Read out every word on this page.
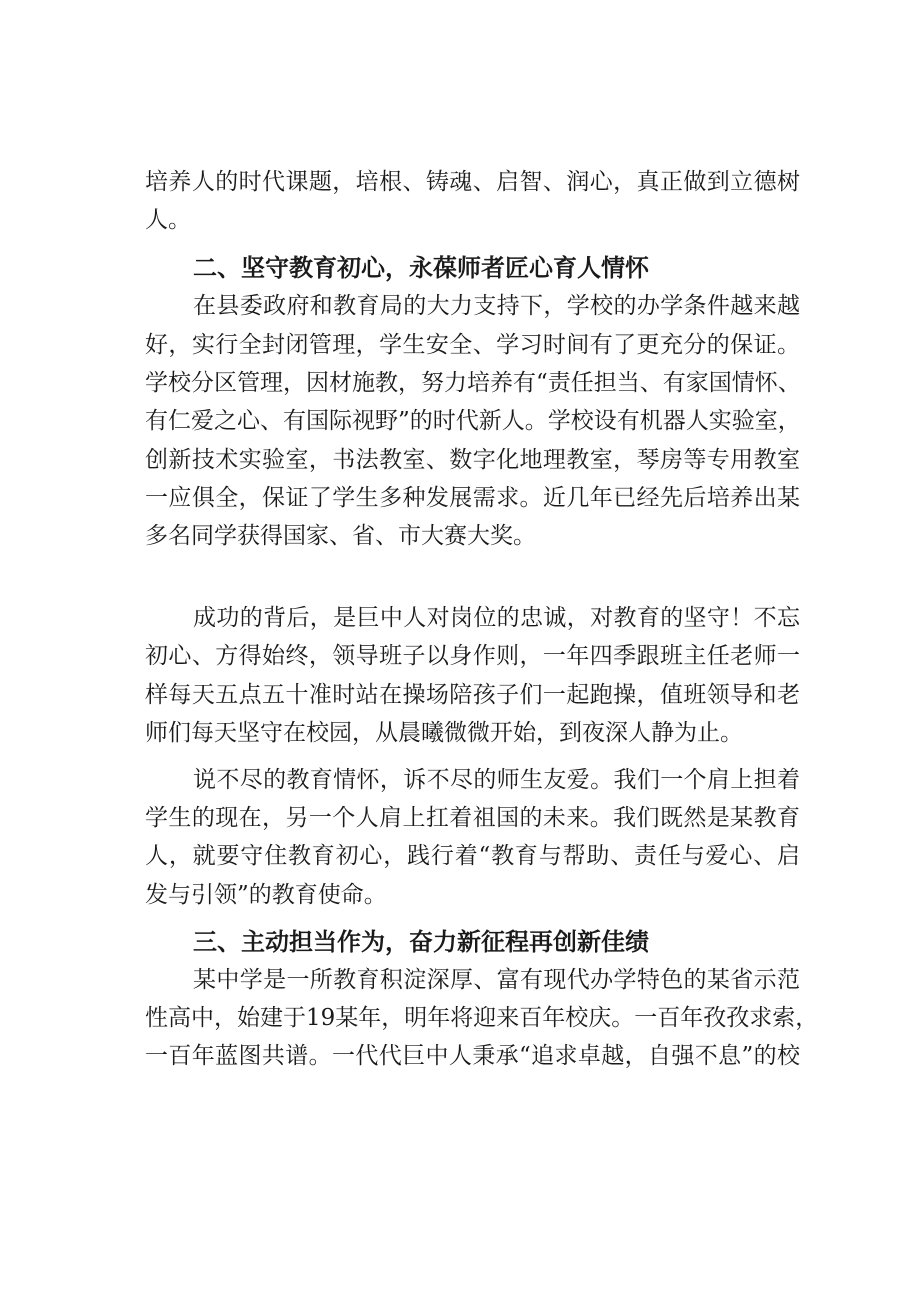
培养人的时代课题，培根、铸魂、启智、润心，真正做到立德树
人。
二、坚守教育初心，永葆师者匠心育人情怀
在县委政府和教育局的大力支持下，学校的办学条件越来越
好，实行全封闭管理，学生安全、学习时间有了更充分的保证。
学校分区管理，因材施教，努力培养有“责任担当、有家国情怀、
有仁爱之心、有国际视野”的时代新人。学校设有机器人实验室，
创新技术实验室，书法教室、数字化地理教室，琴房等专用教室
一应俱全，保证了学生多种发展需求。近几年已经先后培养出某
多名同学获得国家、省、市大赛大奖。
成功的背后，是巨中人对岗位的忠诚，对教育的坚守！不忘
初心、方得始终，领导班子以身作则，一年四季跟班主任老师一
样每天五点五十准时站在操场陪孩子们一起跑操，值班领导和老
师们每天坚守在校园，从晨曦微微开始，到夜深人静为止。
说不尽的教育情怀，诉不尽的师生友爱。我们一个肩上担着
学生的现在，另一个人肩上扛着祖国的未来。我们既然是某教育
人，就要守住教育初心，践行着“教育与帮助、责任与爱心、启
发与引领”的教育使命。
三、主动担当作为，奋力新征程再创新佳绩
某中学是一所教育积淀深厚、富有现代办学特色的某省示范
性高中，始建于19某年，明年将迎来百年校庆。一百年孜孜求索，
一百年蓝图共谱。一代代巨中人秉承“追求卓越，自强不息”的校
